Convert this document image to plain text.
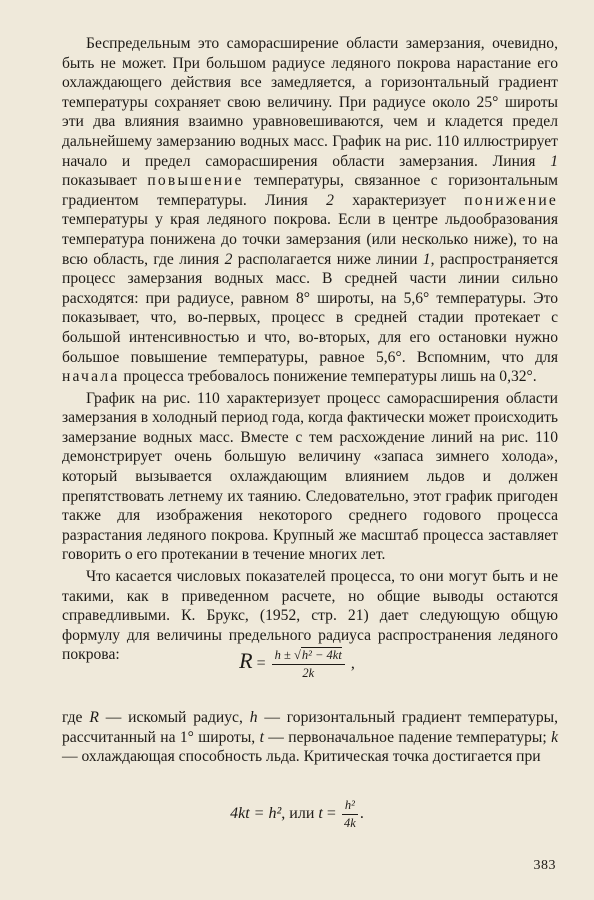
Беспредельным это саморасширение области замерзания, очевидно, быть не может. При большом радиусе ледяного покрова нарастание его охлаждающего действия все замедляется, а горизонтальный градиент температуры сохраняет свою величину. При радиусе около 25° широты эти два влияния взаимно уравновешиваются, чем и кладется предел дальнейшему замерзанию водных масс. График на рис. 110 иллюстрирует начало и предел саморасширения области замерзания. Линия 1 показывает повышение температуры, связанное с горизонтальным градиентом температуры. Линия 2 характеризует понижение температуры у края ледяного покрова. Если в центре льдообразования температура понижена до точки замерзания (или несколько ниже), то на всю область, где линия 2 располагается ниже линии 1, распространяется процесс замерзания водных масс. В средней части линии сильно расходятся: при радиусе, равном 8° широты, на 5,6° температуры. Это показывает, что, во-первых, процесс в средней стадии протекает с большой интенсивностью и что, во-вторых, для его остановки нужно большое повышение температуры, равное 5,6°. Вспомним, что для начала процесса требовалось понижение температуры лишь на 0,32°.

График на рис. 110 характеризует процесс саморасширения области замерзания в холодный период года, когда фактически может происходить замерзание водных масс. Вместе с тем расхождение линий на рис. 110 демонстрирует очень большую величину «запаса зимнего холода», который вызывается охлаждающим влиянием льдов и должен препятствовать летнему их таянию. Следовательно, этот график пригоден также для изображения некоторого среднего годового процесса разрастания ледяного покрова. Крупный же масштаб процесса заставляет говорить о его протекании в течение многих лет.

Что касается числовых показателей процесса, то они могут быть и не такими, как в приведенном расчете, но общие выводы остаются справедливыми. К. Брукс, (1952, стр. 21) дает следующую общую формулу для величины предельного радиуса распространения ледяного покрова:	$R = \frac{\text{h ± √h² − 4kt}}{2k}$ ,

где R — искомый радиус, h — горизонтальный градиент температуры, рассчитанный на 1° широты, t — первоначальное падение температуры; k — охлаждающая способность льда. Критическая точка достигается при

4kt = h², или $t = \frac{\text{h²}}{4k}$ .
383
